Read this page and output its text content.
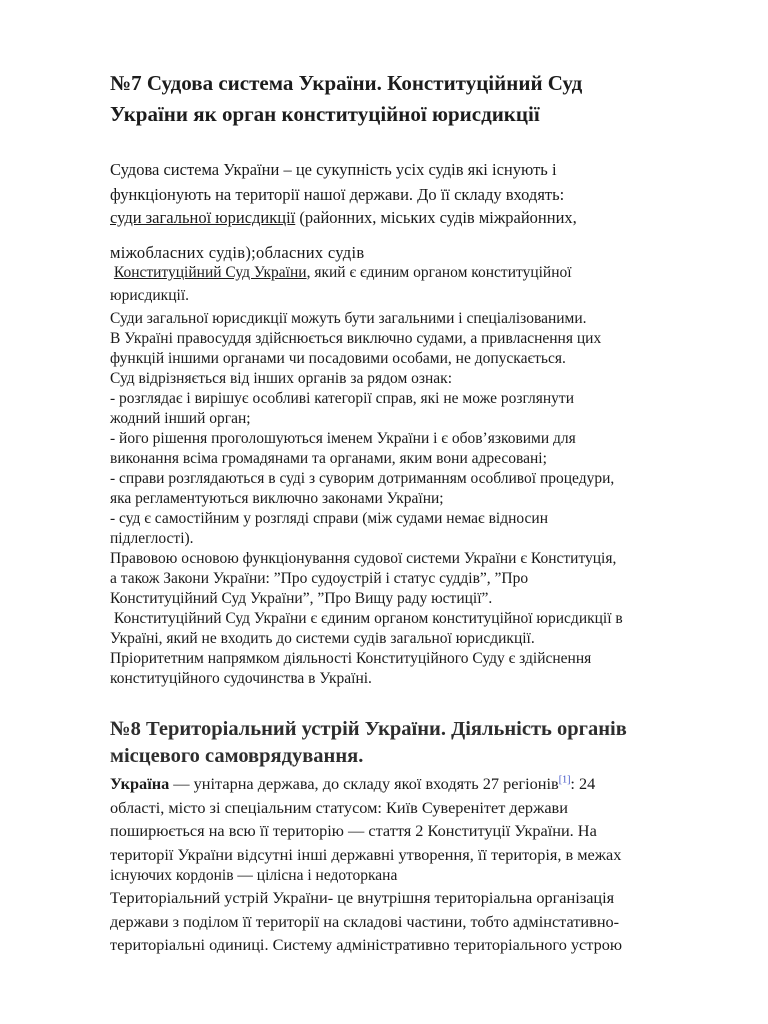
№7 Судова система України. Конституційний Суд
України як орган конституційної юрисдикції
Судова система України – це сукупність усіх судів які існують і
функціонують на території нашої держави. До її складу входять:
суди загальної юрисдикції (районних, міських судів міжрайонних,
міжобласних судів);обласних судів
Конституційний Суд України, який є єдиним органом конституційної
юрисдикції.
Суди загальної юрисдикції можуть бути загальними і спеціалізованими.
В Україні правосуддя здійснюється виключно судами, а привласнення цих
функцій іншими органами чи посадовими особами, не допускається.
Суд відрізняється від інших органів за рядом ознак:
- розглядає і вирішує особливі категорії справ, які не може розглянути
жодний інший орган;
- його рішення проголошуються іменем України і є обов’язковими для
виконання всіма громадянами та органами, яким вони адресовані;
- справи розглядаються в суді з суворим дотриманням особливої процедури,
яка регламентуються виключно законами України;
- суд є самостійним у розгляді справи (між судами немає відносин
підлеглості).
Правовою основою функціонування судової системи України є Конституція,
а також Закони України: ”Про судоустрій і статус суддів”, ”Про
Конституційний Суд України”, ”Про Вищу раду юстиції”.
Конституційний Суд України є єдиним органом конституційної юрисдикції в
Україні, який не входить до системи судів загальної юрисдикції.
Пріоритетним напрямком діяльності Конституційного Суду є здійснення
конституційного судочинства в Україні.
№8 Територіальний устрій України. Діяльність органів
місцевого самоврядування.
Україна — унітарна держава, до складу якої входять 27 регіонів[1]: 24
області, місто зі спеціальним статусом: Київ Суверенітет держави
поширюється на всю її територію — стаття 2 Конституції України. На
території України відсутні інші державні утворення, її територія, в межах
існуючих кордонів — цілісна і недоторкана
Територіальний устрій України- це внутрішня територіальна організація
держави з поділом її території на складові частини, тобто адмінстативно-
територіальні одиниці. Систему адміністративно територіального устрою
